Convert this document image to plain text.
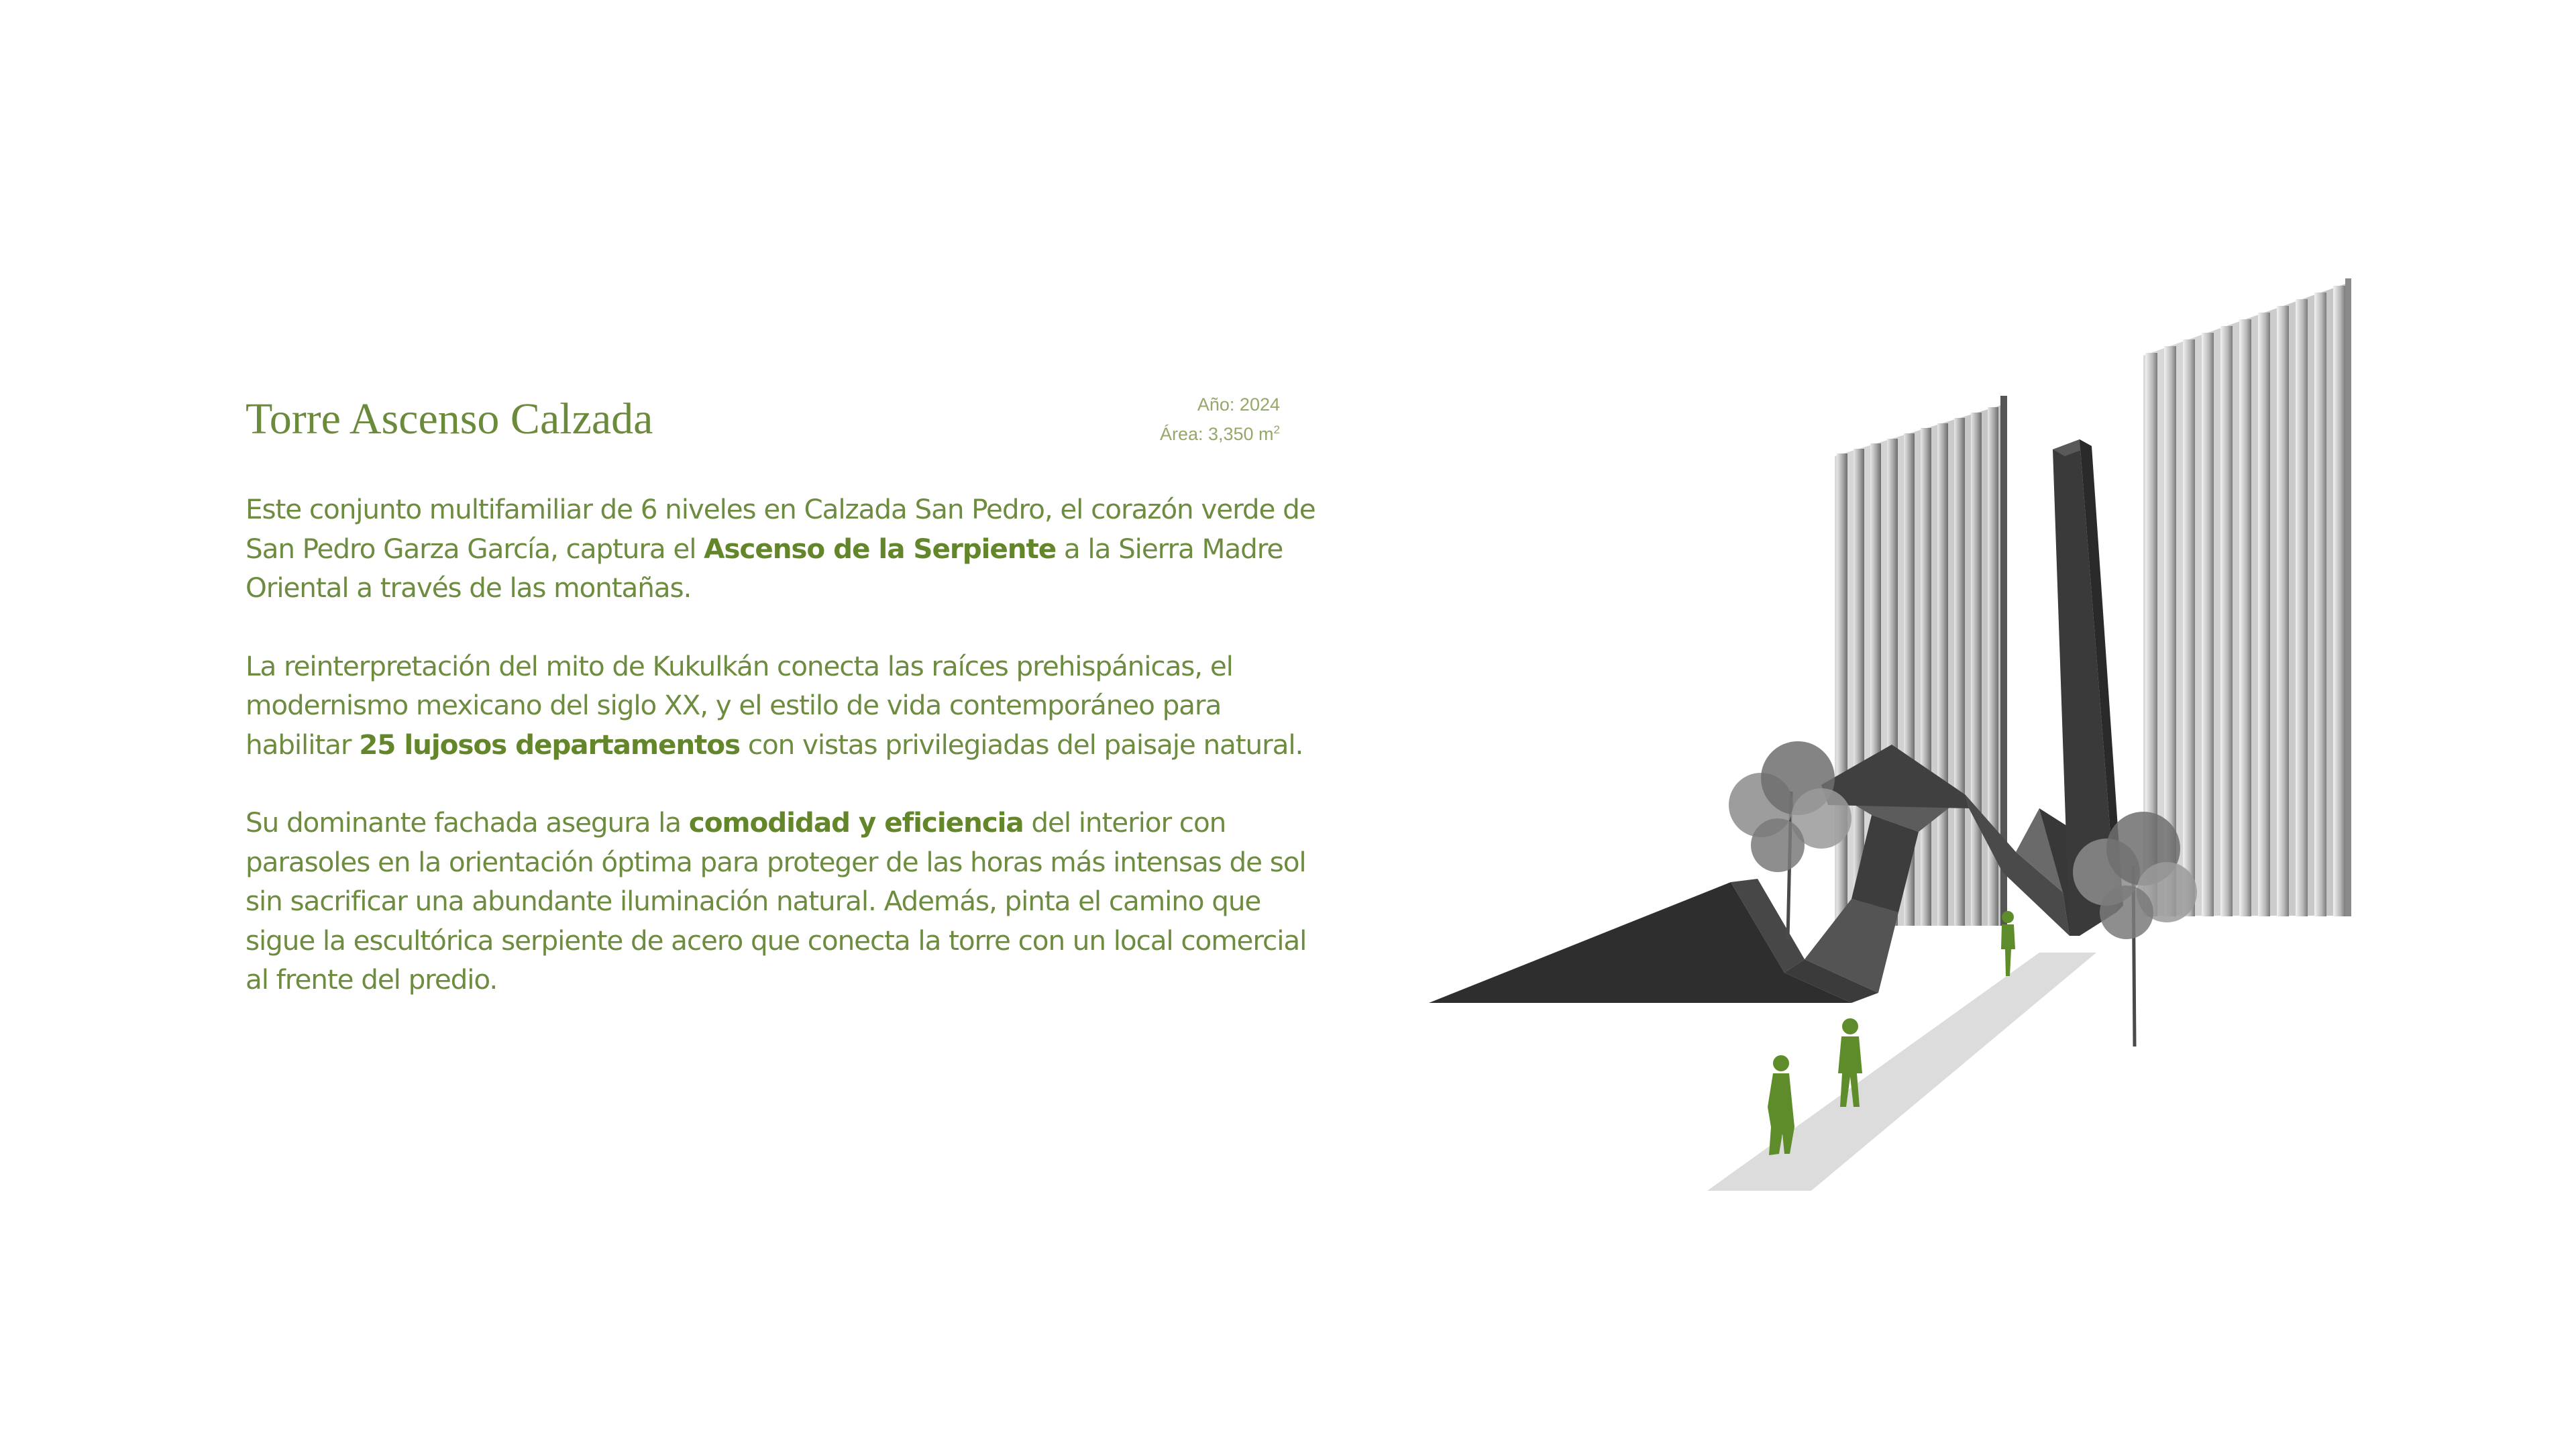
Torre Ascenso Calzada	Año: 2024
Área: 3,350 $m^2$

Este conjunto multifamiliar de 6 niveles en Calzada San Pedro, el corazón verde de San Pedro Garza García, captura el Ascenso de la Serpiente a la Sierra Madre Oriental a través de las montañas.

La reinterpretación del mito de Kukulkán conecta las raíces prehispánicas, el modernismo mexicano del siglo XX, y el estilo de vida contemporáneo para habilitar 25 lujosos departamentos con vistas privilegiadas del paisaje natural.

Su dominante fachada asegura la comodidad y eficiencia del interior con parasoles en la orientación óptima para proteger de las horas más intensas de sol sin sacrificar una abundante iluminación natural. Además, pinta el camino que sigue la escultórica serpiente de acero que conecta la torre con un local comercial al frente del predio.
